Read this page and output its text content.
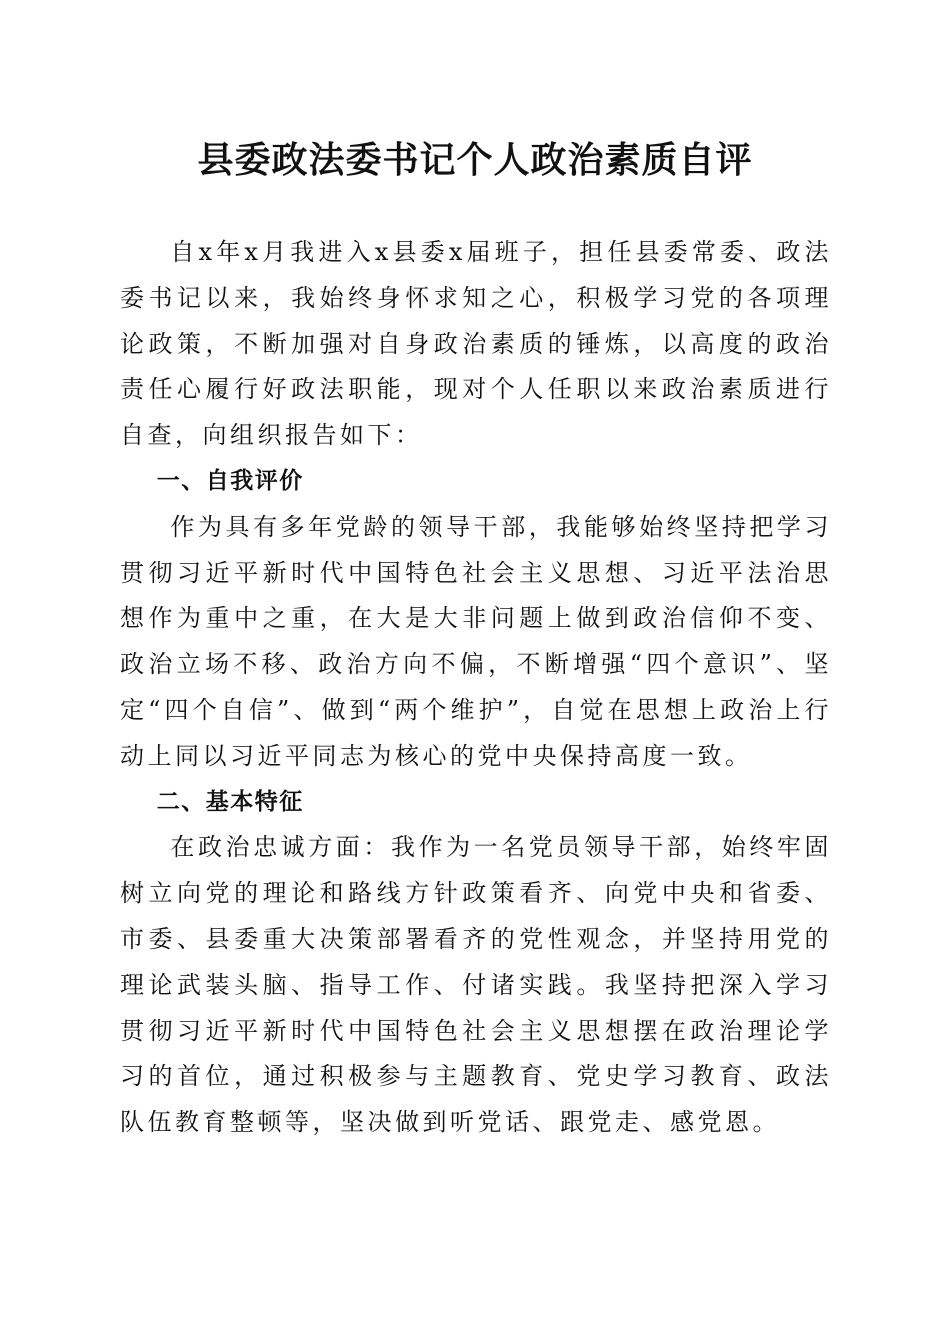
县委政法委书记个人政治素质自评

自x年x月我进入x县委x届班子，担任县委常委、政法委书记以来，我始终身怀求知之心，积极学习党的各项理论政策，不断加强对自身政治素质的锤炼，以高度的政治责任心履行好政法职能，现对个人任职以来政治素质进行自查，向组织报告如下：

一、自我评价

作为具有多年党龄的领导干部，我能够始终坚持把学习贯彻习近平新时代中国特色社会主义思想、习近平法治思想作为重中之重，在大是大非问题上做到政治信仰不变、政治立场不移、政治方向不偏，不断增强“四个意识”、坚定“四个自信”、做到“两个维护”，自觉在思想上政治上行动上同以习近平同志为核心的党中央保持高度一致。

二、基本特征

在政治忠诚方面：我作为一名党员领导干部，始终牢固树立向党的理论和路线方针政策看齐、向党中央和省委、市委、县委重大决策部署看齐的党性观念，并坚持用党的理论武装头脑、指导工作、付诸实践。我坚持把深入学习贯彻习近平新时代中国特色社会主义思想摆在政治理论学习的首位，通过积极参与主题教育、党史学习教育、政法队伍教育整顿等，坚决做到听党话、跟党走、感党恩。
